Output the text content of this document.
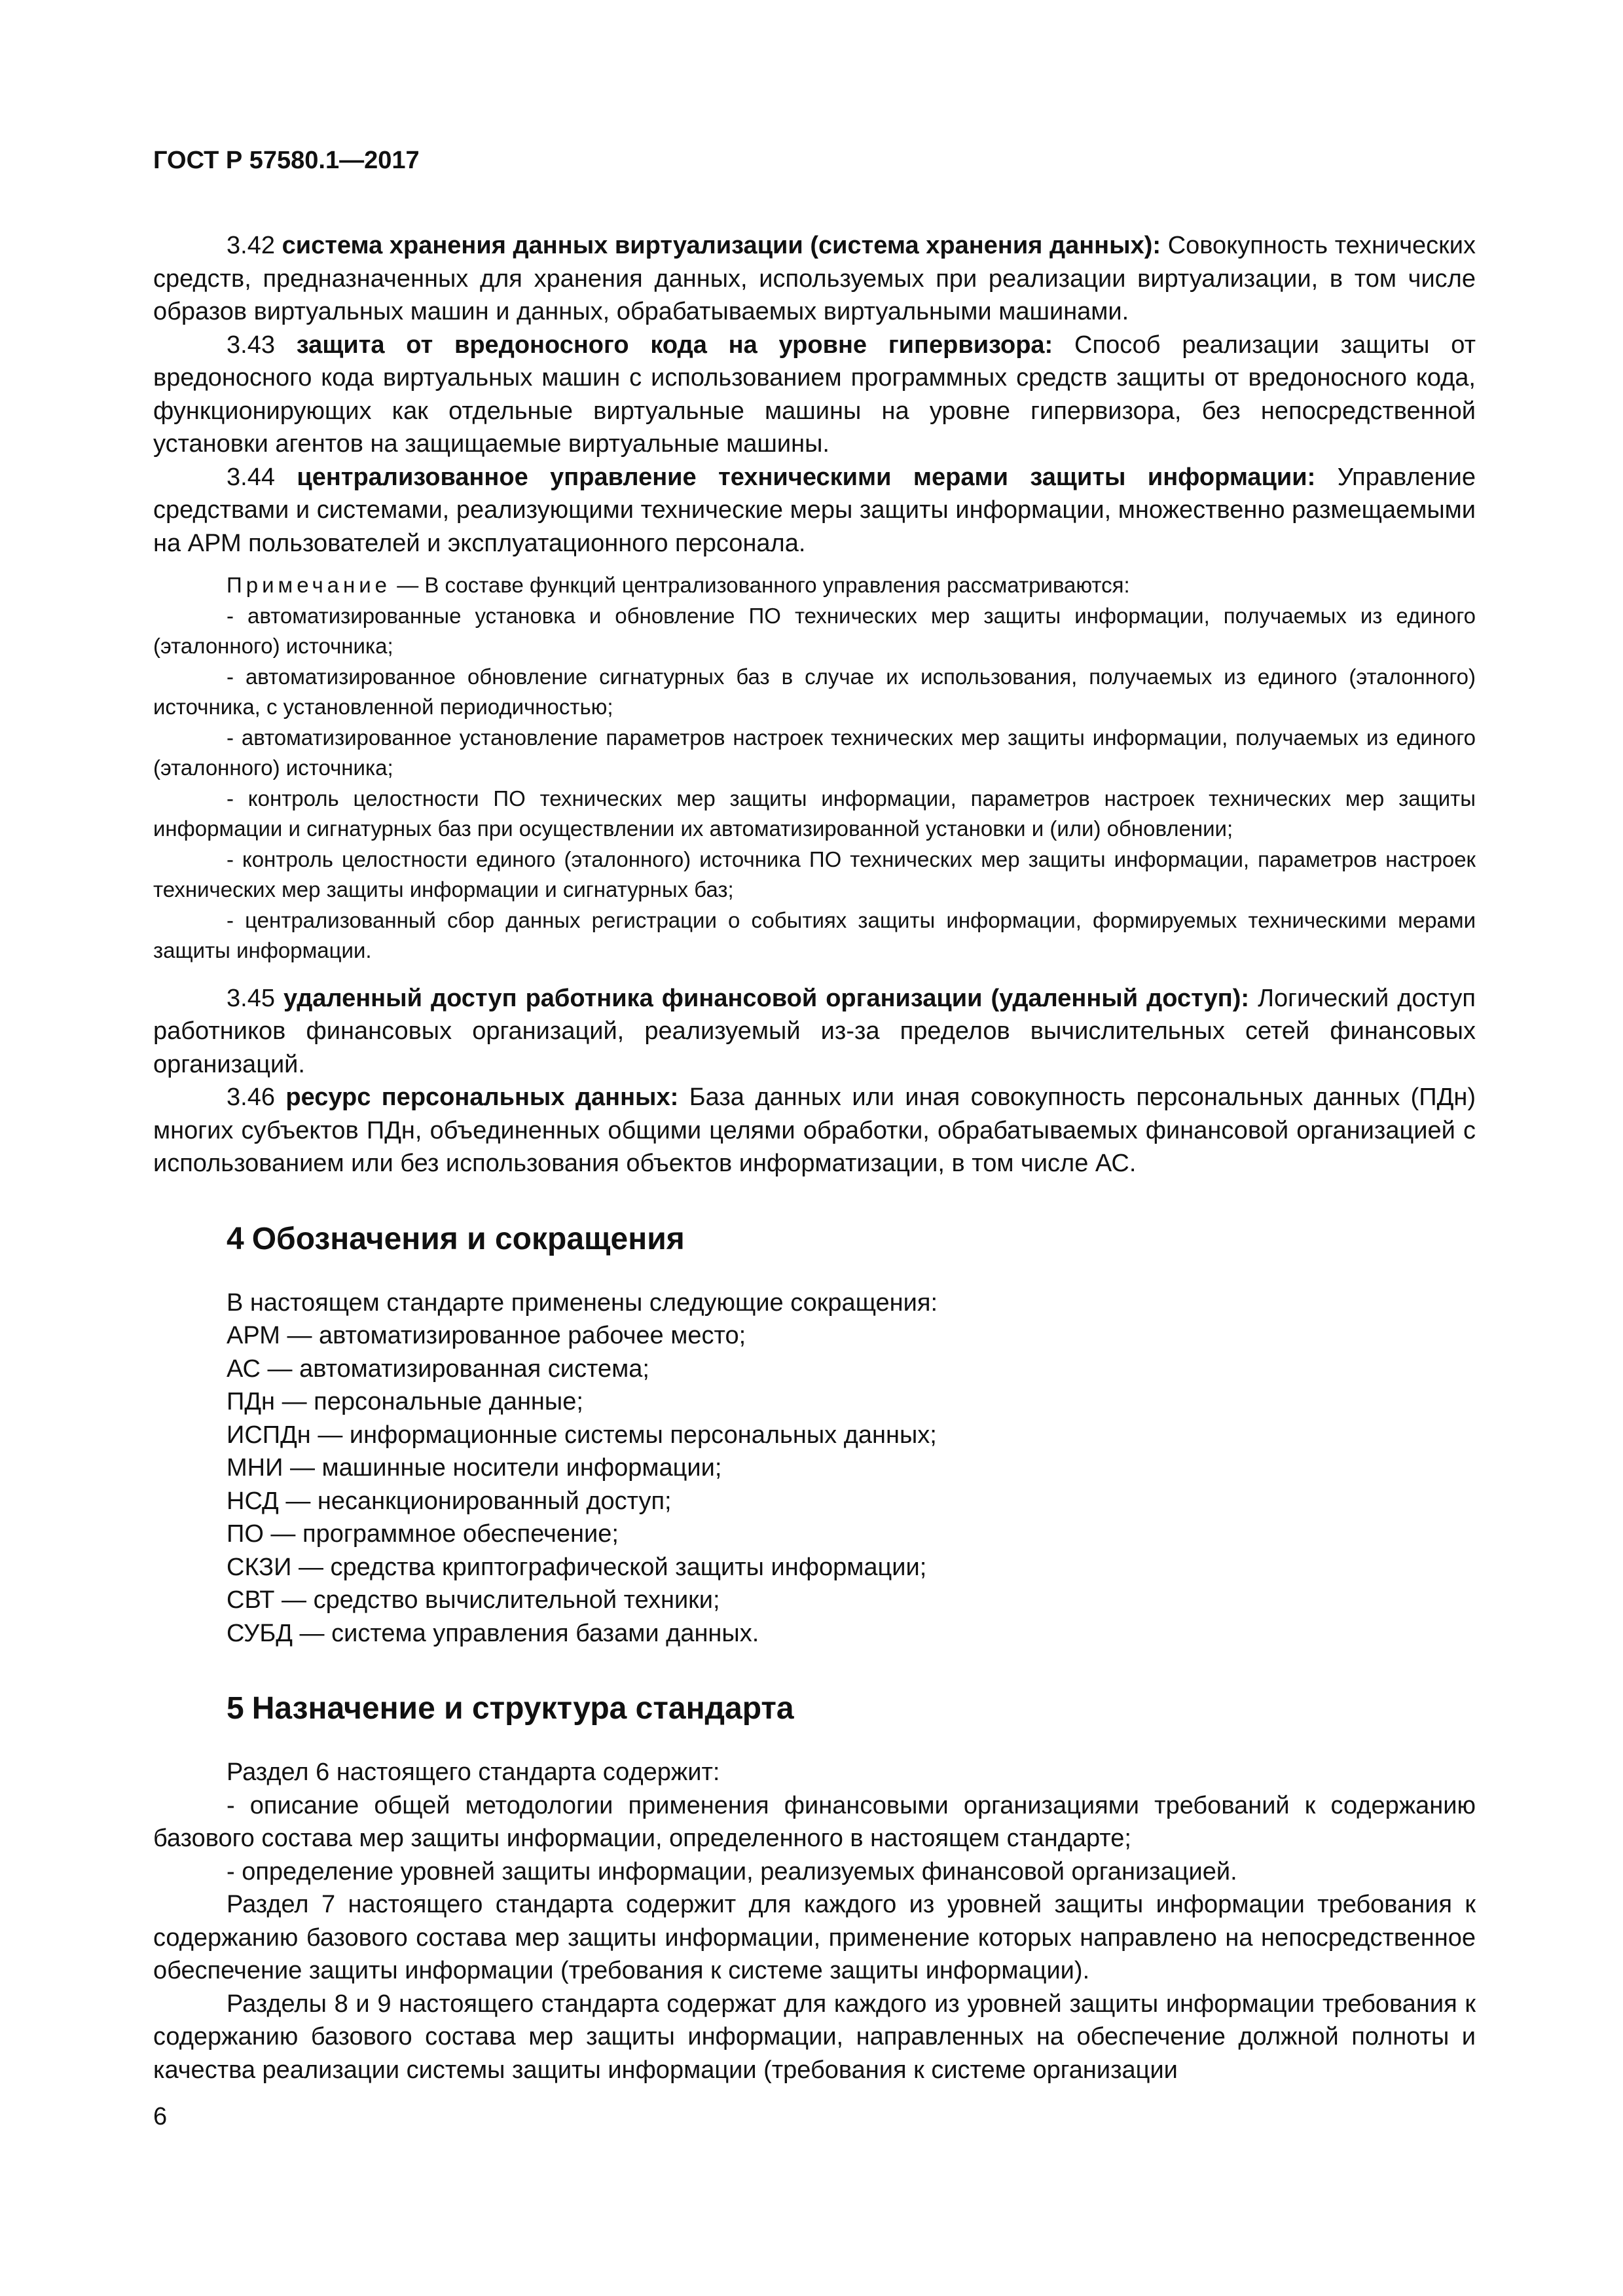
ГОСТ Р 57580.1—2017

3.42 система хранения данных виртуализации (система хранения данных): Совокупность технических средств, предназначенных для хранения данных, используемых при реализации виртуализации, в том числе образов виртуальных машин и данных, обрабатываемых виртуальными машинами.

3.43 защита от вредоносного кода на уровне гипервизора: Способ реализации защиты от вредоносного кода виртуальных машин с использованием программных средств защиты от вредоносного кода, функционирующих как отдельные виртуальные машины на уровне гипервизора, без непосредственной установки агентов на защищаемые виртуальные машины.

3.44 централизованное управление техническими мерами защиты информации: Управление средствами и системами, реализующими технические меры защиты информации, множественно размещаемыми на АРМ пользователей и эксплуатационного персонала.

Примечание — В составе функций централизованного управления рассматриваются:

- автоматизированные установка и обновление ПО технических мер защиты информации, получаемых из единого (эталонного) источника;

- автоматизированное обновление сигнатурных баз в случае их использования, получаемых из единого (эталонного) источника, с установленной периодичностью;

- автоматизированное установление параметров настроек технических мер защиты информации, получаемых из единого (эталонного) источника;

- контроль целостности ПО технических мер защиты информации, параметров настроек технических мер защиты информации и сигнатурных баз при осуществлении их автоматизированной установки и (или) обновлении;

- контроль целостности единого (эталонного) источника ПО технических мер защиты информации, параметров настроек технических мер защиты информации и сигнатурных баз;

- централизованный сбор данных регистрации о событиях защиты информации, формируемых техническими мерами защиты информации.

3.45 удаленный доступ работника финансовой организации (удаленный доступ): Логический доступ работников финансовых организаций, реализуемый из-за пределов вычислительных сетей финансовых организаций.

3.46 ресурс персональных данных: База данных или иная совокупность персональных данных (ПДн) многих субъектов ПДн, объединенных общими целями обработки, обрабатываемых финансовой организацией с использованием или без использования объектов информатизации, в том числе АС.

4 Обозначения и сокращения
В настоящем стандарте применены следующие сокращения:
АРМ — автоматизированное рабочее место;
АС — автоматизированная система;
ПДн — персональные данные;
ИСПДн — информационные системы персональных данных;
МНИ — машинные носители информации;
НСД — несанкционированный доступ;
ПО — программное обеспечение;
СКЗИ — средства криптографической защиты информации;
СВТ — средство вычислительной техники;
СУБД — система управления базами данных.
5 Назначение и структура стандарта

Раздел 6 настоящего стандарта содержит:

- описание общей методологии применения финансовыми организациями требований к содержанию базового состава мер защиты информации, определенного в настоящем стандарте;

- определение уровней защиты информации, реализуемых финансовой организацией.

Раздел 7 настоящего стандарта содержит для каждого из уровней защиты информации требования к содержанию базового состава мер защиты информации, применение которых направлено на непосредственное обеспечение защиты информации (требования к системе защиты информации).

Разделы 8 и 9 настоящего стандарта содержат для каждого из уровней защиты информации требования к содержанию базового состава мер защиты информации, направленных на обеспечение должной полноты и качества реализации системы защиты информации (требования к системе организации

6
